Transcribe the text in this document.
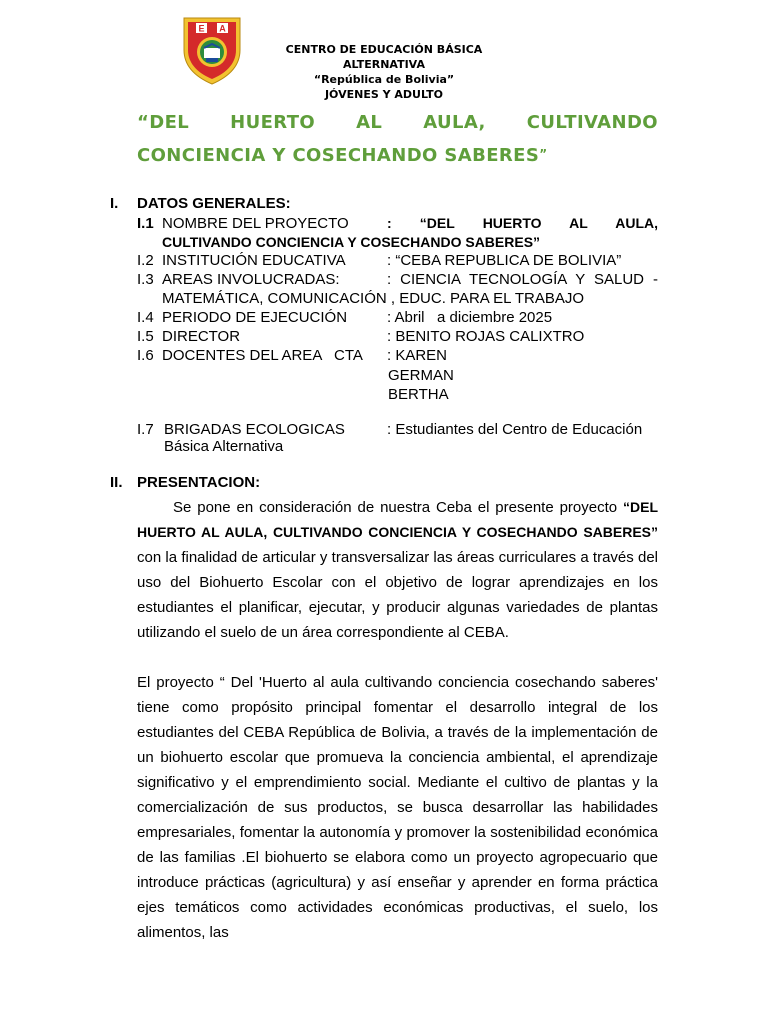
E A
CENTRO DE EDUCACIÓN BÁSICA ALTERNATIVA
“República de Bolivia”
JÓVENES Y ADULTO
“DEL HUERTO AL AULA, CULTIVANDO
CONCIENCIA Y COSECHANDO SABERES”
I. DATOS GENERALES:
I.1 NOMBRE DEL PROYECTO	:   “DEL   HUERTO   AL   AULA,
CULTIVANDO CONCIENCIA Y COSECHANDO SABERES”
I.2 INSTITUCIÓN EDUCATIVA	: “CEBA REPUBLICA DE BOLIVIA”
I.3 AREAS INVOLUCRADAS:	: CIENCIA TECNOLOGÍA Y SALUD -
MATEMÁTICA, COMUNICACIÓN , EDUC. PARA EL TRABAJO
I.4 PERIODO DE EJECUCIÓN	: Abril   a diciembre 2025
I.5 DIRECTOR	: BENITO ROJAS CALIXTRO
I.6 DOCENTES DEL AREA   CTA : KAREN
GERMAN
BERTHA
I.7 BRIGADAS ECOLOGICAS	: Estudiantes del Centro de Educación
Básica Alternativa
II. PRESENTACION:
Se pone en consideración de nuestra Ceba el presente proyecto “DEL HUERTO AL AULA, CULTIVANDO CONCIENCIA Y COSECHANDO SABERES” con la finalidad de articular y transversalizar las áreas curriculares a través del uso del Biohuerto Escolar con el objetivo de lograr aprendizajes en los estudiantes el planificar, ejecutar, y producir algunas variedades de plantas utilizando el suelo de un área correspondiente al CEBA.
El proyecto “ Del 'Huerto al aula cultivando conciencia cosechando saberes' tiene como propósito principal fomentar el desarrollo integral de los estudiantes del CEBA República de Bolivia, a través de la implementación de un biohuerto escolar que promueva la conciencia ambiental, el aprendizaje significativo y el emprendimiento social. Mediante el cultivo de plantas y la comercialización de sus productos, se busca desarrollar las habilidades empresariales, fomentar la autonomía y promover la sostenibilidad económica de las familias .El biohuerto se elabora como un proyecto agropecuario que introduce prácticas (agricultura) y así enseñar y aprender en forma práctica ejes temáticos como actividades económicas productivas, el suelo, los alimentos, las
